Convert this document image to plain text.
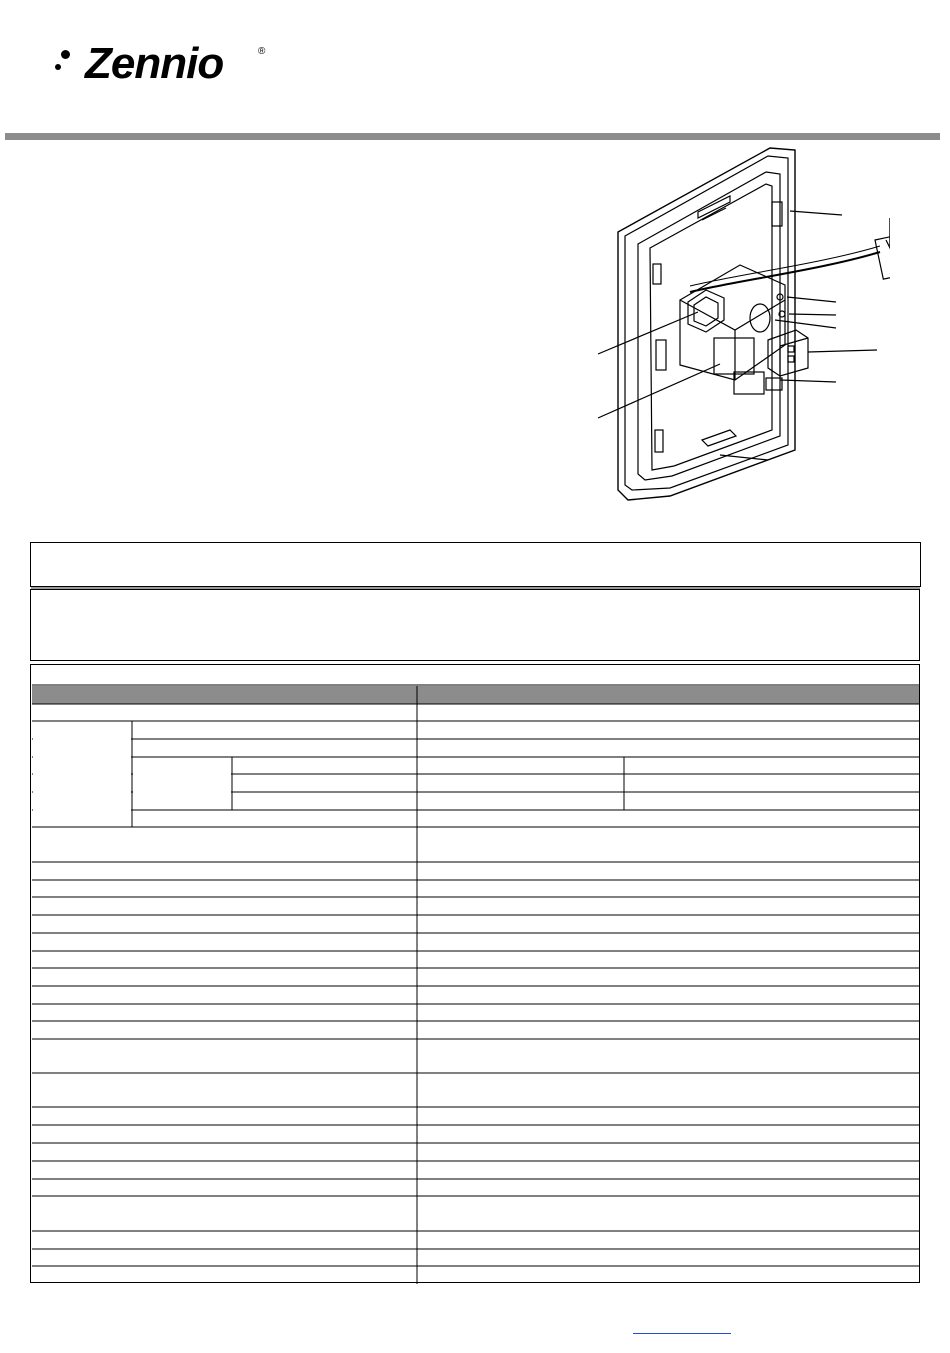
Zennio	®
